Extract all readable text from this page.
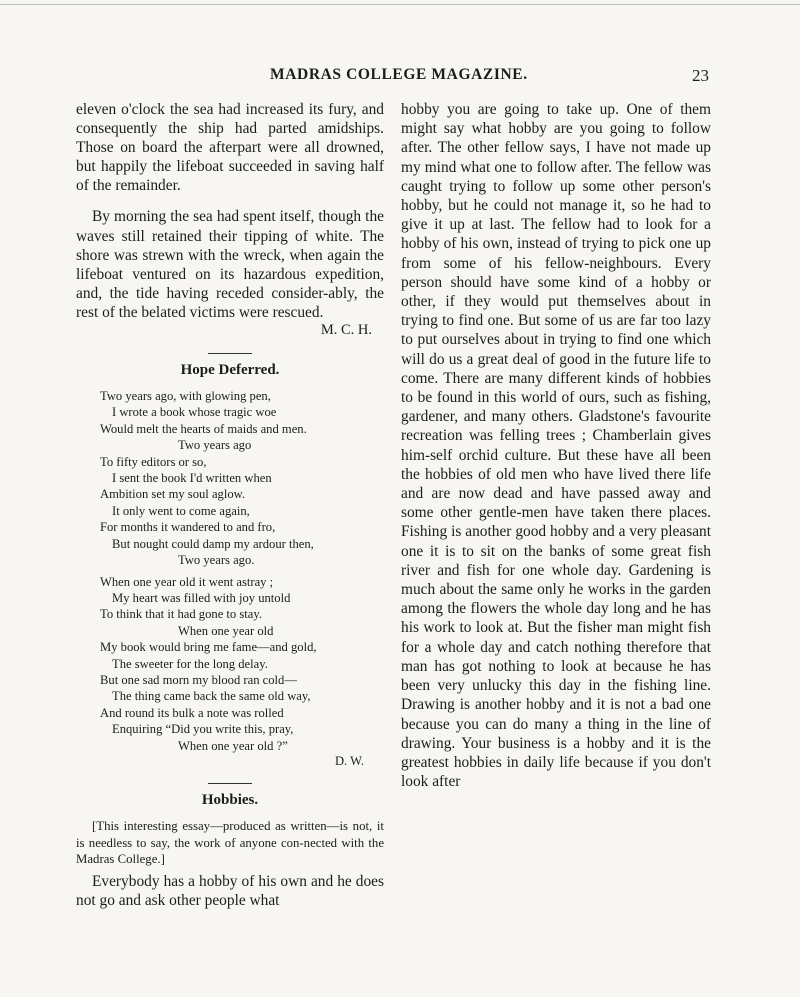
MADRAS COLLEGE MAGAZINE.	23

eleven o'clock the sea had increased its fury, and consequently the ship had parted amidships. Those on board the afterpart were all drowned, but happily the lifeboat succeeded in saving half of the remainder.

By morning the sea had spent itself, though the waves still retained their tipping of white. The shore was strewn with the wreck, when again the lifeboat ventured on its hazardous expedition, and, the tide having receded consider-ably, the rest of the belated victims were rescued.

M. C. H.

Hope Deferred.
Two years ago, with glowing pen,
I wrote a book whose tragic woe
Would melt the hearts of maids and men.
Two years ago
To fifty editors or so,
I sent the book I'd written when
Ambition set my soul aglow.
It only went to come again,
For months it wandered to and fro,
But nought could damp my ardour then,
Two years ago.
When one year old it went astray ;
My heart was filled with joy untold
To think that it had gone to stay.
When one year old
My book would bring me fame—and gold,
The sweeter for the long delay.
But one sad morn my blood ran cold—
The thing came back the same old way,
And round its bulk a note was rolled
Enquiring “Did you write this, pray,
When one year old ?”

D. W.

Hobbies.

[This interesting essay—produced as written—is not, it is needless to say, the work of anyone con-nected with the Madras College.]

Everybody has a hobby of his own and he does not go and ask other people what

hobby you are going to take up. One of them might say what hobby are you going to follow after. The other fellow says, I have not made up my mind what one to follow after. The fellow was caught trying to follow up some other person's hobby, but he could not manage it, so he had to give it up at last. The fellow had to look for a hobby of his own, instead of trying to pick one up from some of his fellow-neighbours. Every person should have some kind of a hobby or other, if they would put themselves about in trying to find one. But some of us are far too lazy to put ourselves about in trying to find one which will do us a great deal of good in the future life to come. There are many different kinds of hobbies to be found in this world of ours, such as fishing, gardener, and many others. Gladstone's favourite recreation was felling trees ; Chamberlain gives him-self orchid culture. But these have all been the hobbies of old men who have lived there life and are now dead and have passed away and some other gentle-men have taken there places. Fishing is another good hobby and a very pleasant one it is to sit on the banks of some great fish river and fish for one whole day. Gardening is much about the same only he works in the garden among the flowers the whole day long and he has his work to look at. But the fisher man might fish for a whole day and catch nothing therefore that man has got nothing to look at because he has been very unlucky this day in the fishing line. Drawing is another hobby and it is not a bad one because you can do many a thing in the line of drawing. Your business is a hobby and it is the greatest hobbies in daily life because if you don't look after
